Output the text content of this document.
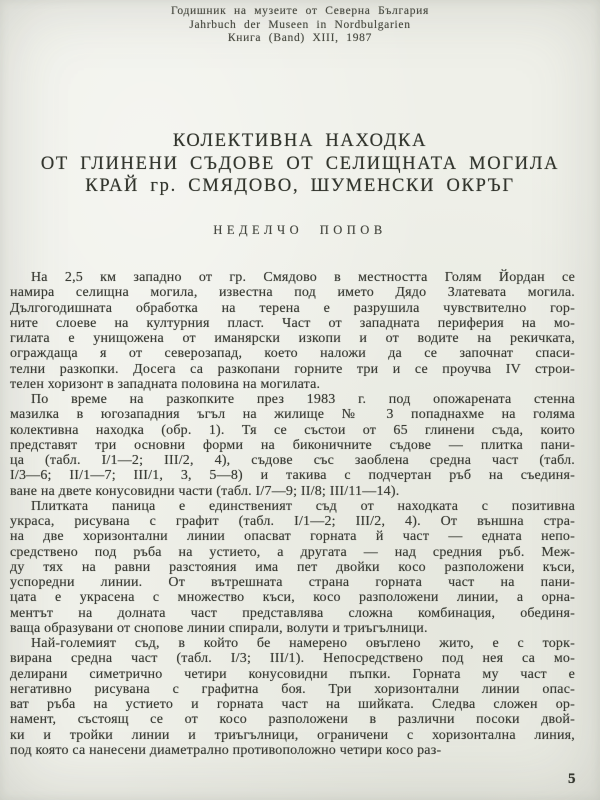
Годишник на музеите от Северна България
Jahrbuch der Museen in Nordbulgarien
Книга (Band) XIII, 1987
КОЛЕКТИВНА НАХОДКА
ОТ ГЛИНЕНИ СЪДОВЕ ОТ СЕЛИЩНАТА МОГИЛА
КРАЙ гр. СМЯДОВО, ШУМЕНСКИ ОКРЪГ
НЕДЕЛЧО ПОПОВ

На 2,5 км западно от гр. Смядово в местността Голям Йордан се
намира селищна могила, известна под името Дядо Златевата могила.
Дългогодишната обработка на терена е разрушила чувствително гор-
ните слоеве на културния пласт. Част от западната периферия на мо-
гилата е унищожена от иманярски изкопи и от водите на рекичката,
ограждаща я от северозапад, което наложи да се започнат спаси-
телни разкопки. Досега са разкопани горните три и се проучва IV строи-
телен хоризонт в западната половина на могилата.

По време на разкопките през 1983 г. под опожарената стенна
мазилка в югозападния ъгъл на жилище № 3 попаднахме на голяма
колективна находка (обр. 1). Тя се състои от 65 глинени съда, които
представят три основни форми на биконичните съдове — плитка пани-
ца (табл. I/1—2; III/2, 4), съдове със заоблена средна част (табл.
I/3—6; II/1—7; III/1, 3, 5—8) и такива с подчертан ръб на съединя-
ване на двете конусовидни части (табл. I/7—9; II/8; III/11—14).

Плитката паница е единственият съд от находката с позитивна
украса, рисувана с графит (табл. I/1—2; III/2, 4). От външна стра-
на две хоризонтални линии опасват горната й част — едната непо-
средствено под ръба на устието, а другата — над средния ръб. Меж-
ду тях на равни разстояния има пет двойки косо разположени къси,
успоредни линии. От вътрешната страна горната част на пани-
цата е украсена с множество къси, косо разположени линии, а орна-
ментът на долната част представлява сложна комбинация, обединя-
ваща образувани от снопове линии спирали, волути и триъгълници.

Най-големият съд, в който бе намерено овъглено жито, е с торк-
вирана средна част (табл. I/3; III/1). Непосредствено под нея са мо-
делирани симетрично четири конусовидни пъпки. Горната му част е
негативно рисувана с графитна боя. Три хоризонтални линии опас-
ват ръба на устието и горната част на шийката. Следва сложен ор-
намент, състоящ се от косо разположени в различни посоки двой-
ки и тройки линии и триъгълници, ограничени с хоризонтална линия,
под която са нанесени диаметрално противоположно четири косо раз-

5
